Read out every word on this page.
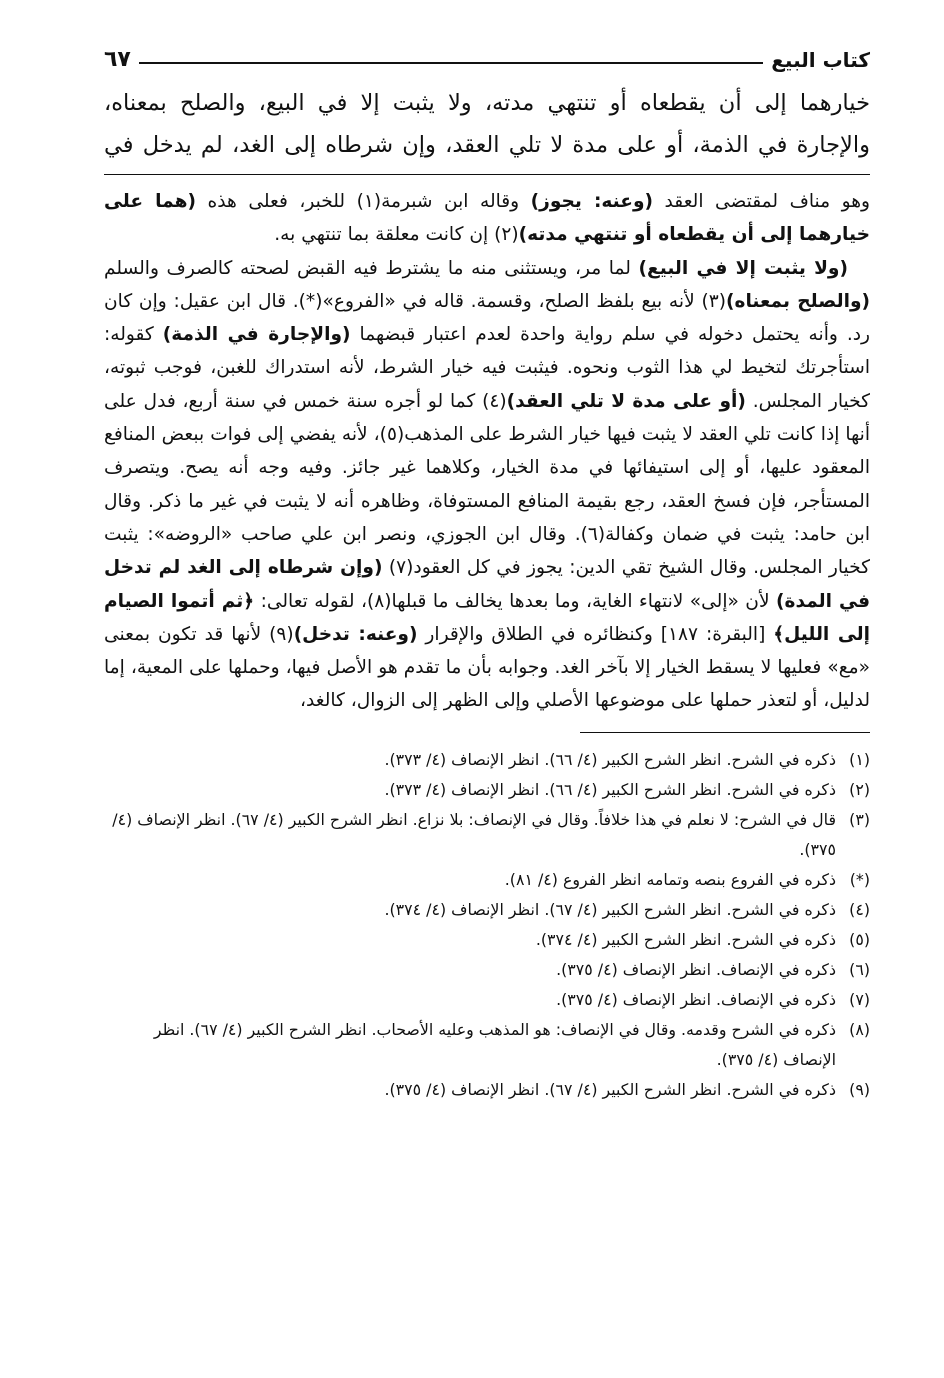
كتاب البيع
٦٧

خيارهما إلى أن يقطعاه أو تنتهي مدته، ولا يثبت إلا في البيع، والصلح بمعناه،

والإجارة في الذمة، أو على مدة لا تلي العقد، وإن شرطاه إلى الغد، لم يدخل في

وهو مناف لمقتضى العقد (وعنه: يجوز) وقاله ابن شبرمة(١) للخبر، فعلى هذه (هما على خيارهما إلى أن يقطعاه أو تنتهي مدته)(٢) إن كانت معلقة بما تنتهي به.

(ولا يثبت إلا في البيع) لما مر، ويستثنى منه ما يشترط فيه القبض لصحته كالصرف والسلم (والصلح بمعناه)(٣) لأنه بيع بلفظ الصلح، وقسمة. قاله في «الفروع»(*). قال ابن عقيل: وإن كان رد. وأنه يحتمل دخوله في سلم رواية واحدة لعدم اعتبار قبضهما (والإجارة في الذمة) كقوله: استأجرتك لتخيط لي هذا الثوب ونحوه. فيثبت فيه خيار الشرط، لأنه استدراك للغبن، فوجب ثبوته، كخيار المجلس. (أو على مدة لا تلي العقد)(٤) كما لو أجره سنة خمس في سنة أربع، فدل على أنها إذا كانت تلي العقد لا يثبت فيها خيار الشرط على المذهب(٥)، لأنه يفضي إلى فوات ببعض المنافع المعقود عليها، أو إلى استيفائها في مدة الخيار، وكلاهما غير جائز. وفيه وجه أنه يصح. ويتصرف المستأجر، فإن فسخ العقد، رجع بقيمة المنافع المستوفاة، وظاهره أنه لا يثبت في غير ما ذكر. وقال ابن حامد: يثبت في ضمان وكفالة(٦). وقال ابن الجوزي، ونصر ابن علي صاحب «الروضه»: يثبت كخيار المجلس. وقال الشيخ تقي الدين: يجوز في كل العقود(٧) (وإن شرطاه إلى الغد لم تدخل في المدة) لأن «إلى» لانتهاء الغاية، وما بعدها يخالف ما قبلها(٨)، لقوله تعالى: ﴿ثم أتموا الصيام إلى الليل﴾ [البقرة: ١٨٧] وكنظائره في الطلاق والإقرار (وعنه: تدخل)(٩) لأنها قد تكون بمعنى «مع» فعليها لا يسقط الخيار إلا بآخر الغد. وجوابه بأن ما تقدم هو الأصل فيها، وحملها على المعية، إما لدليل، أو لتعذر حملها على موضوعها الأصلي وإلى الظهر إلى الزوال، كالغد،

(١)
ذكره في الشرح. انظر الشرح الكبير (٤/ ٦٦). انظر الإنصاف (٤/ ٣٧٣).
(٢)
ذكره في الشرح. انظر الشرح الكبير (٤/ ٦٦). انظر الإنصاف (٤/ ٣٧٣).
(٣)
قال في الشرح: لا نعلم في هذا خلافاً. وقال في الإنصاف: بلا نزاع. انظر الشرح الكبير (٤/ ٦٧). انظر الإنصاف (٤/ ٣٧٥).
(*)
ذكره في الفروع بنصه وتمامه انظر الفروع (٤/ ٨١).
(٤)
ذكره في الشرح. انظر الشرح الكبير (٤/ ٦٧). انظر الإنصاف (٤/ ٣٧٤).
(٥)
ذكره في الشرح. انظر الشرح الكبير (٤/ ٣٧٤).
(٦)
ذكره في الإنصاف. انظر الإنصاف (٤/ ٣٧٥).
(٧)
ذكره في الإنصاف. انظر الإنصاف (٤/ ٣٧٥).
(٨)
ذكره في الشرح وقدمه. وقال في الإنصاف: هو المذهب وعليه الأصحاب. انظر الشرح الكبير (٤/ ٦٧). انظر الإنصاف (٤/ ٣٧٥).
(٩)
ذكره في الشرح. انظر الشرح الكبير (٤/ ٦٧). انظر الإنصاف (٤/ ٣٧٥).
